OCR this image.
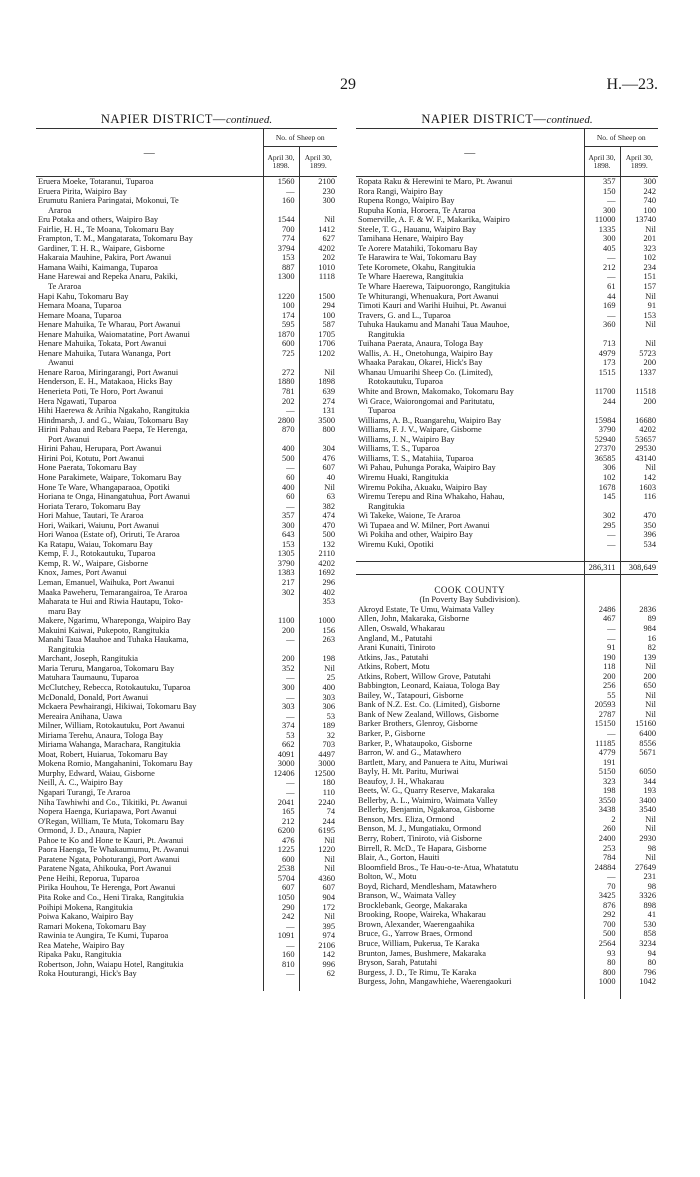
29	H.—23.
NAPIER DISTRICT—continued.
—	No. of Sheep on	
	April 30, 1898.	April 30, 1899.
Eruera Moeke, Totaranui, Tuparoa	1560	2100
Eruera Pirita, Waipiro Bay	—	230
Erumutu Raniera Paringatai, Mokonui, Te	160	300
Araroa		
Eru Potaka and others, Waipiro Bay	1544	Nil
Fairlie, H. H., Te Moana, Tokomaru Bay	700	1412
Frampton, T. M., Mangatarata, Tokomaru Bay	774	627
Gardiner, T. H. R., Waipare, Gisborne	3794	4202
Hakaraia Mauhine, Pakira, Port Awanui	153	202
Hamana Waihi, Kaimanga, Tuparoa	887	1010
Hane Harewai and Repeka Anaru, Pakiki,	1300	1118
Te Araroa		
Hapi Kahu, Tokomaru Bay	1220	1500
Hemara Moana, Tuparoa	100	294
Hemare Moana, Tuparoa	174	100
Henare Mahuika, Te Wharau, Port Awanui	595	587
Henare Mahuika, Waiomatatine, Port Awanui	1870	1705
Henare Mahuika, Tokata, Port Awanui	600	1706
Henare Mahuika, Tutara Wananga, Port	725	1202
Awanui		
Henare Raroa, Miringarangi, Port Awanui	272	Nil
Henderson, E. H., Matakaoa, Hicks Bay	1880	1898
Henerieta Poti, Te Horo, Port Awanui	781	639
Hera Ngawati, Tuparoa	202	274
Hihi Haerewa & Arihia Ngakaho, Rangitukia	—	131
Hindmarsh, J. and G., Waiau, Tokomaru Bay	2800	3500
Hirini Pahau and Rebara Paepa, Te Herenga,	870	800
Port Awanui		
Hirini Pahau, Herupara, Port Awanui	400	304
Hirini Poi, Kotutu, Port Awanui	500	476
Hone Paerata, Tokomaru Bay	—	607
Hone Parakimete, Waipare, Tokomaru Bay	60	40
Hone Te Ware, Whangaparaoa, Opotiki	400	Nil
Horiana te Onga, Hinangatuhua, Port Awanui	60	63
Horiata Teraro, Tokomaru Bay	—	382
Hori Mahue, Tautari, Te Araroa	357	474
Hori, Waikari, Waiunu, Port Awanui	300	470
Hori Wanoa (Estate of), Oriruti, Te Araroa	643	500
Ka Ratapu, Waiau, Tokomaru Bay	153	132
Kemp, F. J., Rotokautuku, Tuparoa	1305	2110
Kemp, R. W., Waipare, Gisborne	3790	4202
Knox, James, Port Awanui	1383	1692
Leman, Emanuel, Waihuka, Port Awanui	217	296
Maaka Paweheru, Temarangairoa, Te Araroa	302	402
Maharata te Hui and Riwia Hautapu, Toko-		353
maru Bay		
Makere, Ngarimu, Whareponga, Waipiro Bay	1100	1000
Makuini Kaiwai, Pukepoto, Rangitukia	200	156
Manahi Taua Mauhoe and Tuhaka Haukama,	—	263
Rangitukia		
Marchant, Joseph, Rangitukia	200	198
Maria Teruru, Mangaroa, Tokomaru Bay	352	Nil
Matuhara Taumaunu, Tuparoa	—	25
McClutchey, Rebecca, Rotokautuku, Tuparoa	300	400
McDonald, Donald, Port Awanui	—	303
Mckaera Pewhairangi, Hikiwai, Tokomaru Bay	303	306
Mereaira Anihana, Uawa	—	53
Milner, William, Rotokautuku, Port Awanui	374	189
Miriama Terehu, Anaura, Tologa Bay	53	32
Miriama Wahanga, Marachara, Rangitukia	662	703
Moat, Robert, Huiarua, Tokomaru Bay	4091	4497
Mokena Romio, Mangahanini, Tokomaru Bay	3000	3000
Murphy, Edward, Waiau, Gisborne	12406	12500
Neill, A. C., Waipiro Bay	—	180
Ngapari Turangi, Te Araroa	—	110
Niha Tawhiwhi and Co., Tikitiki, Pt. Awanui	2041	2240
Nopera Haenga, Kuriapawa, Port Awanui	165	74
O'Regan, William, Te Muta, Tokomaru Bay	212	244
Ormond, J. D., Anaura, Napier	6200	6195
Pahoe te Ko and Hone te Kauri, Pt. Awanui	476	Nil
Paora Haenga, Te Whakaumumu, Pt. Awanui	1225	1220
Paratene Ngata, Pohoturangi, Port Awanui	600	Nil
Paratene Ngata, Ahikouka, Port Awanui	2538	Nil
Pene Heihi, Reporua, Tuparoa	5704	4360
Pirika Houhou, Te Herenga, Port Awanui	607	607
Pita Roke and Co., Heni Tiraka, Rangitukia	1050	904
Poihipi Mokena, Rangitukia	290	172
Poiwa Kakano, Waipiro Bay	242	Nil
Ramari Mokena, Tokomaru Bay	—	395
Rawinia te Aungira, Te Kumi, Tuparoa	1091	974
Rea Matehe, Waipiro Bay	—	2106
Ripaka Paku, Rangitukia	160	142
Robertson, John, Waiapu Hotel, Rangitukia	810	996
Roka Houturangi, Hick's Bay	—	62

NAPIER DISTRICT—continued.
—	No. of Sheep on	
	April 30, 1898.	April 30, 1899.
Ropata Raku & Herewini te Maro, Pt. Awanui	357	300
Rora Rangi, Waipiro Bay	150	242
Rupena Rongo, Waipiro Bay	—	740
Rupuha Konia, Horoera, Te Araroa	300	100
Somerville, A. F. & W. F., Makarika, Waipiro	11000	13740
Steele, T. G., Hauanu, Waipiro Bay	1335	Nil
Tamihana Henare, Waipiro Bay	300	201
Te Aorere Matahiki, Tokomaru Bay	405	323
Te Harawira te Wai, Tokomaru Bay	—	102
Tete Koromete, Okahu, Rangitukia	212	234
Te Whare Haerewa, Rangitukia	—	151
Te Whare Haerewa, Taipuorongo, Rangitukia	61	157
Te Whiturangi, Whenuakura, Port Awanui	44	Nil
Timoti Kauri and Warihi Huihui, Pt. Awanui	169	91
Travers, G. and L., Tuparoa	—	153
Tuhuka Haukamu and Manahi Taua Mauhoe,	360	Nil
Rangitukia		
Tuihana Paerata, Anaura, Tologa Bay	713	Nil
Wallis, A. H., Onetohunga, Waipiro Bay	4979	5723
Whaaka Parakau, Okarei, Hick's Bay	173	200
Whanau Umuarihi Sheep Co. (Limited),	1515	1337
Rotokautuku, Tuparoa		
White and Brown, Makomako, Tokomaru Bay	11700	11518
Wi Grace, Waiorongomai and Paritutatu,	244	200
Tuparoa		
Williams, A. B., Ruangarehu, Waipiro Bay	15984	16680
Williams, F. J. V., Waipare, Gisborne	3790	4202
Williams, J. N., Waipiro Bay	52940	53657
Williams, T. S., Tuparoa	27370	29530
Williams, T. S., Matahiia, Tuparoa	36585	43140
Wi Pahau, Puhunga Poraka, Waipiro Bay	306	Nil
Wiremu Huaki, Rangitukia	102	142
Wiremu Pokiha, Akuaku, Waipiro Bay	1678	1603
Wiremu Terepu and Rina Whakaho, Hahau,	145	116
Rangitukia		
Wi Takeke, Waione, Te Araroa	302	470
Wi Tupaea and W. Milner, Port Awanui	295	350
Wi Pokiha and other, Waipiro Bay	—	396
Wiremu Kuki, Opotiki	—	534

	286,311	308,649
COOK COUNTY		
(In Poverty Bay Subdivision).		
Akroyd Estate, Te Umu, Waimata Valley	2486	2836
Allen, John, Makaraka, Gisborne	467	89
Allen, Oswald, Whakarau	—	984
Angland, M., Patutahi	—	16
Arani Kunaiti, Tiniroto	91	82
Atkins, Jas., Patutahi	190	139
Atkins, Robert, Motu	118	Nil
Atkins, Robert, Willow Grove, Patutahi	200	200
Babbington, Leonard, Kaiaua, Tologa Bay	256	650
Bailey, W., Tatapouri, Gisborne	55	Nil
Bank of N.Z. Est. Co. (Limited), Gisborne	20593	Nil
Bank of New Zealand, Willows, Gisborne	2787	Nil
Barker Brothers, Glenroy, Gisborne	15150	15160
Barker, P., Gisborne	—	6400
Barker, P., Whataupoko, Gisborne	11185	8556
Barron, W. and G., Matawhero	4779	5671
Bartlett, Mary, and Panuera te Aitu, Muriwai	191	
Bayly, H. Mt. Paritu, Muriwai	5150	6050
Beaufoy, J. H., Whakarau	323	344
Beets, W. G., Quarry Reserve, Makaraka	198	193
Bellerby, A. L., Waimiro, Waimata Valley	3550	3400
Bellerby, Benjamin, Ngakaroa, Gisborne	3438	3540
Benson, Mrs. Eliza, Ormond	2	Nil
Benson, M. J., Mungatiaku, Ormond	260	Nil
Berry, Robert, Tiniroto, vià Gisborne	2400	2930
Birrell, R. McD., Te Hapara, Gisborne	253	98
Blair, A., Gorton, Hauiti	784	Nil
Bloomfield Bros., Te Hau-o-te-Atua, Whatatutu	24884	27649
Bolton, W., Motu	—	231
Boyd, Richard, Mendlesham, Matawhero	70	98
Branson, W., Waimata Valley	3425	3326
Brocklebank, George, Makaraka	876	898
Brooking, Roope, Waireka, Whakarau	292	41
Brown, Alexander, Waerengaahika	700	530
Bruce, G., Yarrow Braes, Ormond	500	858
Bruce, William, Pukerua, Te Karaka	2564	3234
Brunton, James, Bushmere, Makaraka	93	94
Bryson, Sarah, Patutahi	80	80
Burgess, J. D., Te Rimu, Te Karaka	800	796
Burgess, John, Mangawhiehe, Waerengaokuri	1000	1042
